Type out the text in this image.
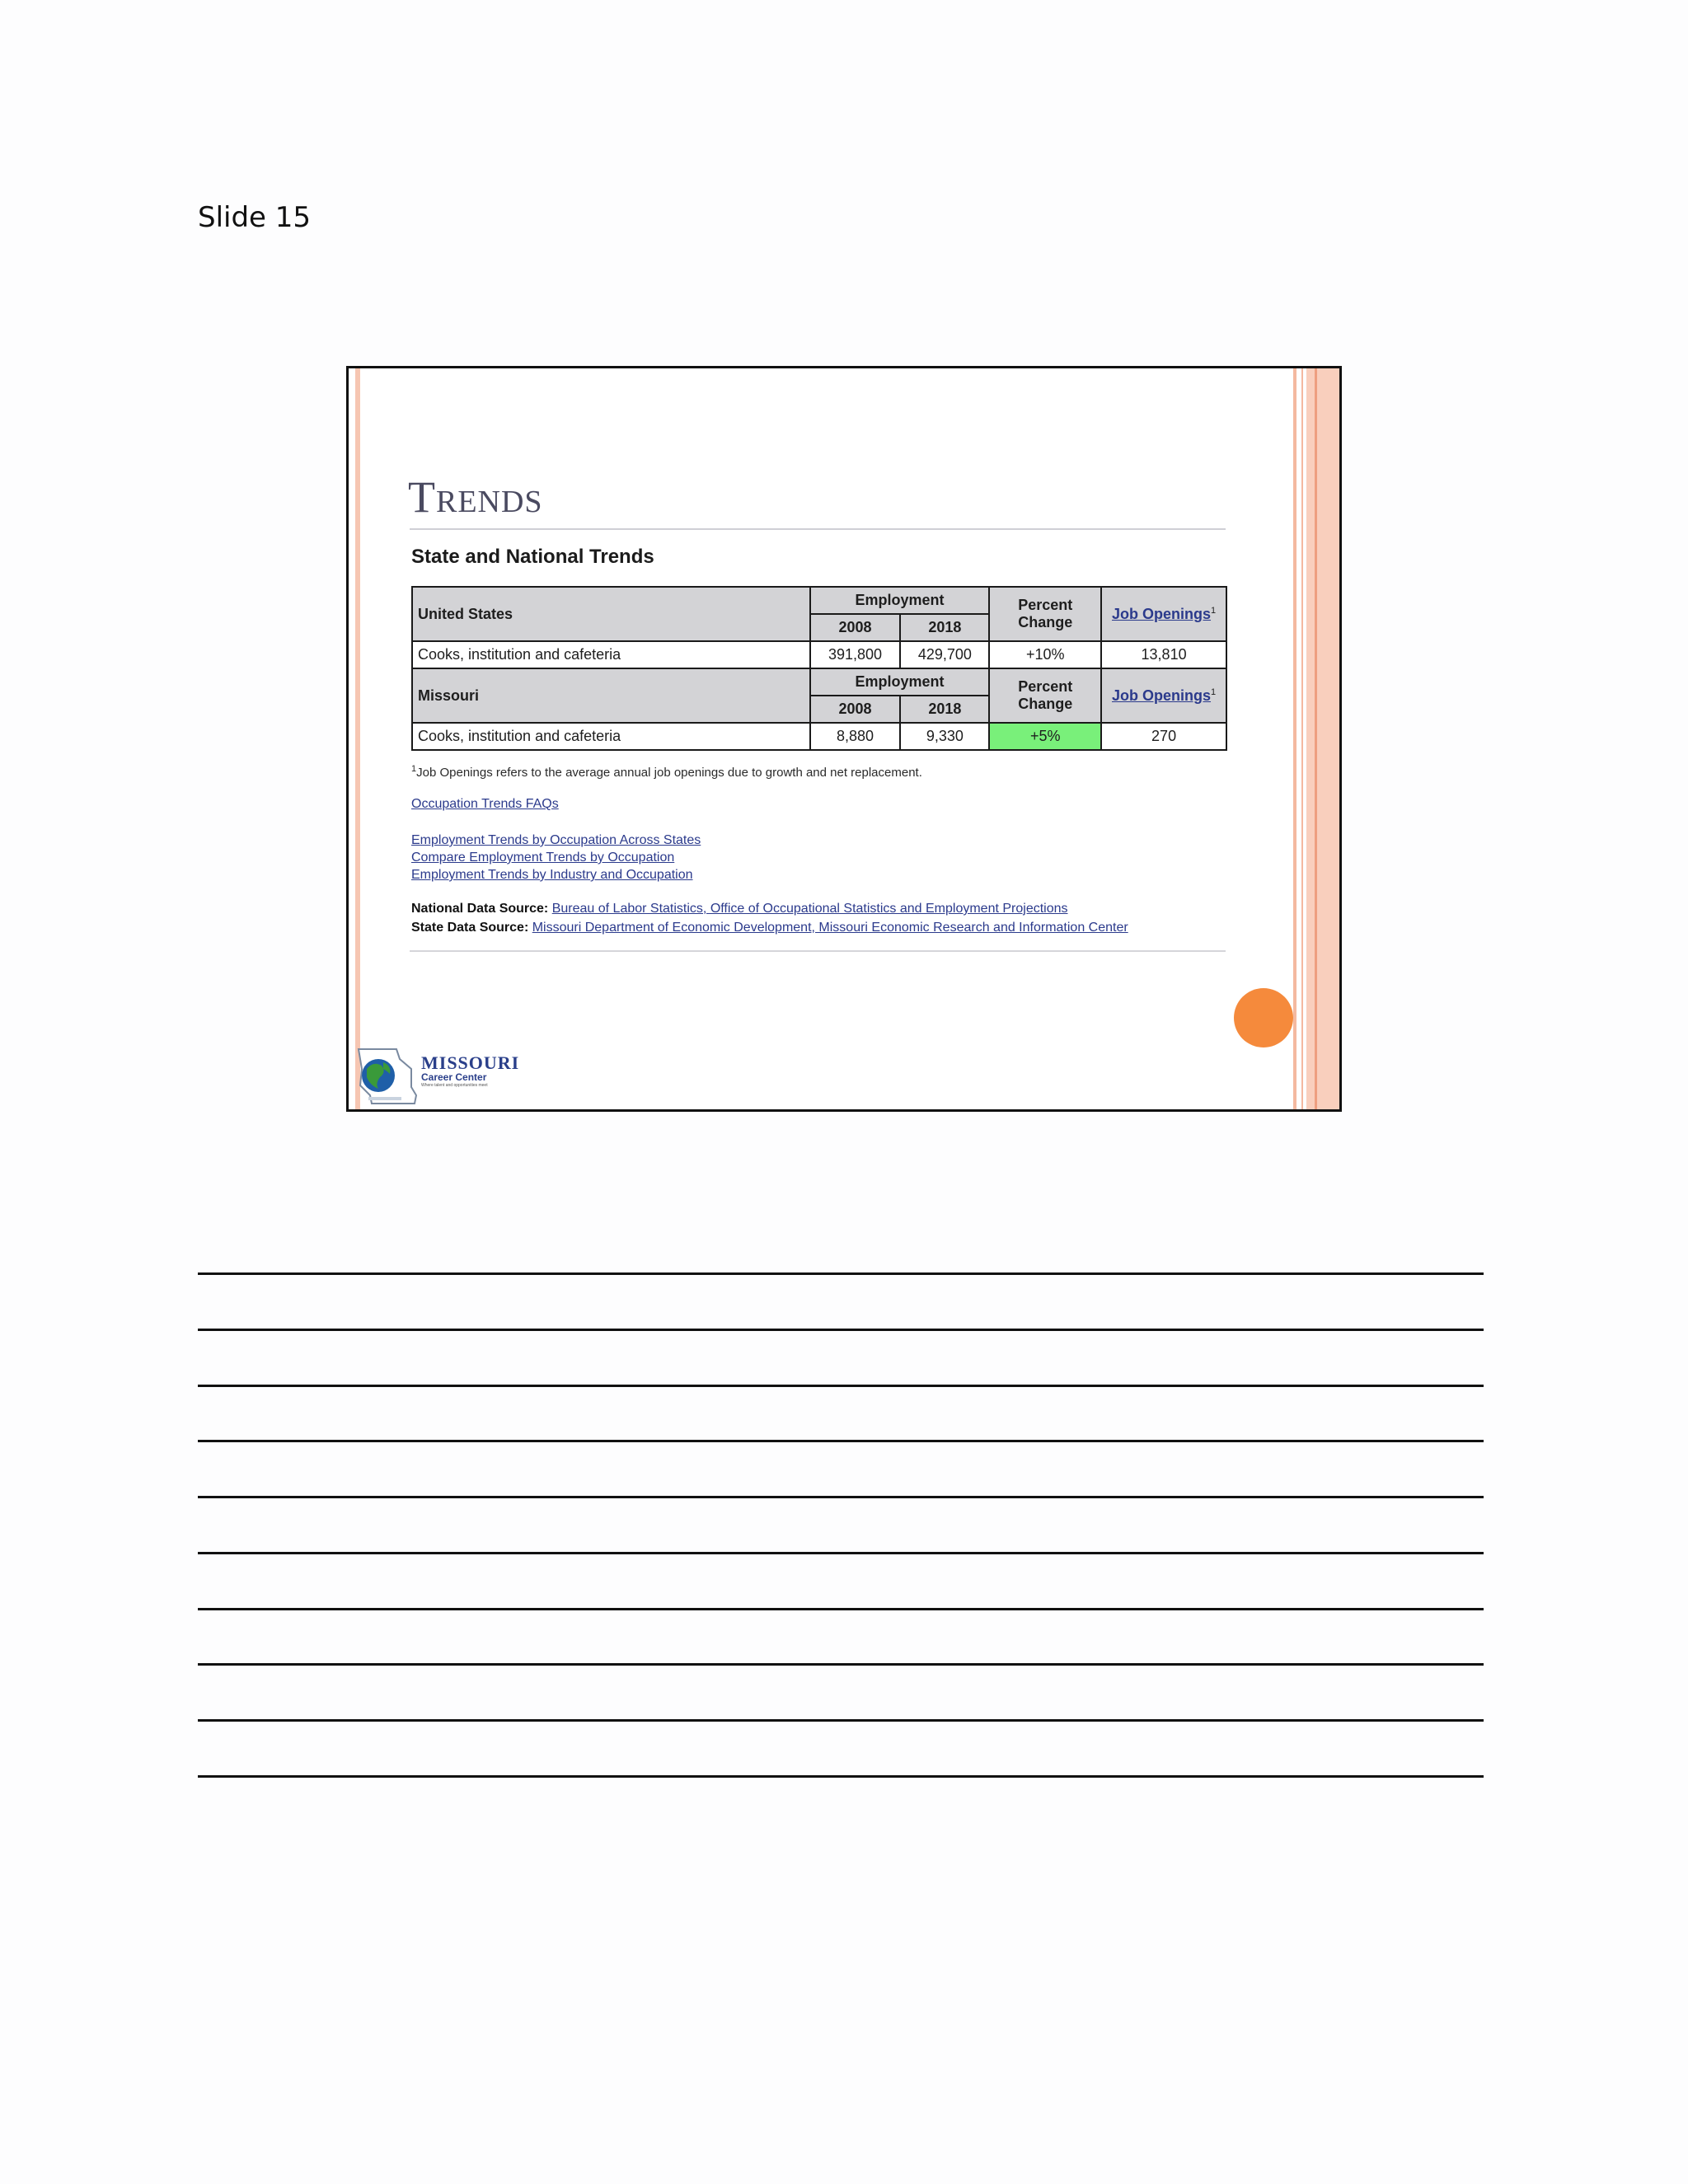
Slide 15
Trends
State and National Trends
United States	Employment		Percent
Change	Job Openings$^1$
	2008	2018		
Cooks, institution and cafeteria	391,800	429,700	+10%	13,810
Missouri	Employment		Percent
Change	Job Openings$^1$
	2008	2018		
Cooks, institution and cafeteria	8,880	9,330	+5%	270
$^1$Job Openings refers to the average annual job openings due to growth and net replacement.
Occupation Trends FAQs
Employment Trends by Occupation Across States
Compare Employment Trends by Occupation
Employment Trends by Industry and Occupation
National Data Source: Bureau of Labor Statistics, Office of Occupational Statistics and Employment Projections
State Data Source: Missouri Department of Economic Development, Missouri Economic Research and Information Center
MISSOURI
Career Center
Where talent and opportunities meet
